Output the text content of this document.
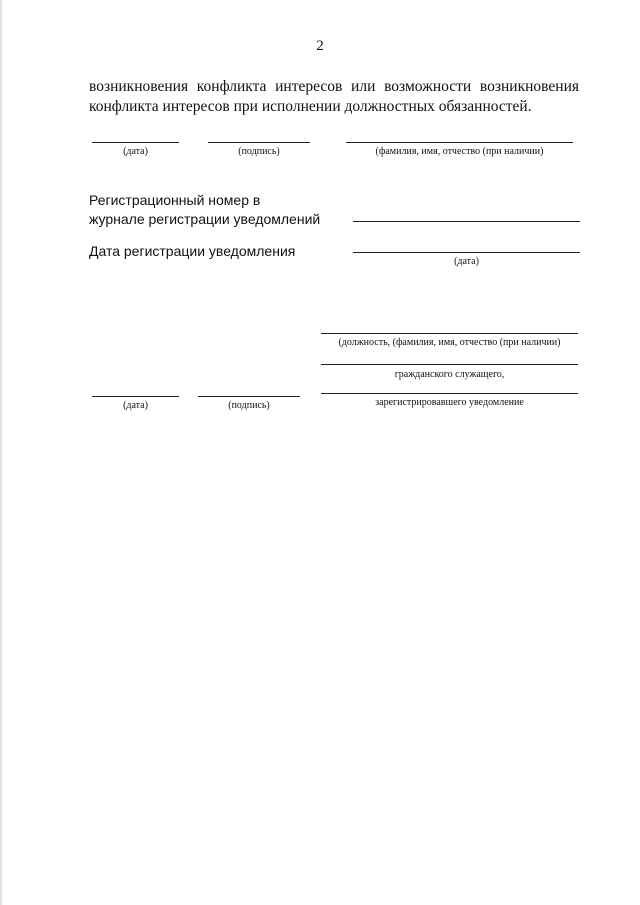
2
возникновения конфликта интересов или возможности возникновения
конфликта интересов при исполнении должностных обязанностей.
(дата)	(подпись)	(фамилия, имя, отчество (при наличии)
Регистрационный номер в
журнале регистрации уведомлений
Дата регистрации уведомления
(дата)
(должность, (фамилия, имя, отчество (при наличии)
гражданского служащего,
(дата)	(подпись)	зарегистрировавшего уведомление
